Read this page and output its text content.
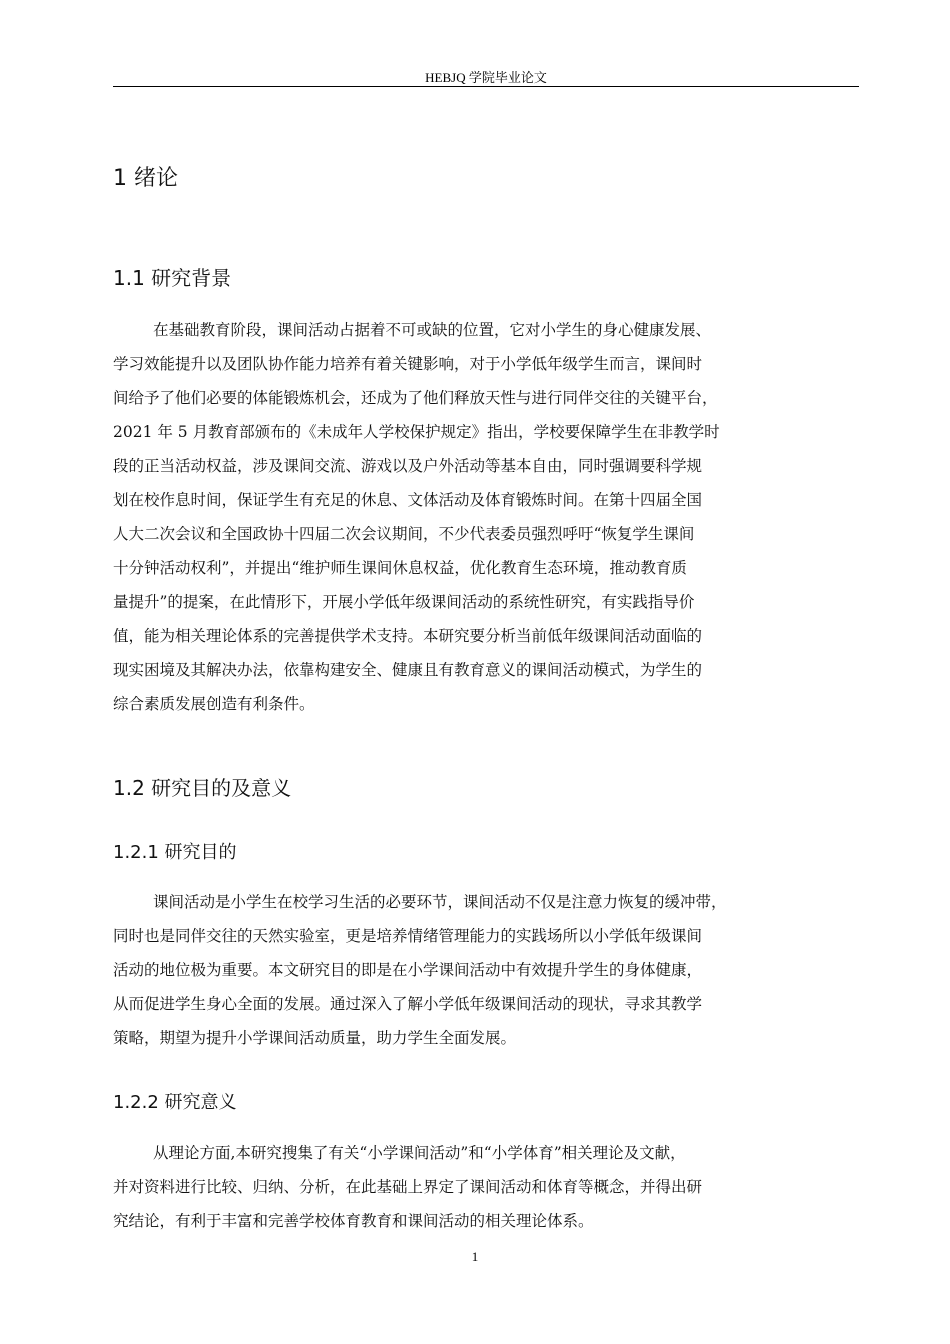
HEBJQ 学院毕业论文
1 绪论
1.1 研究背景
在基础教育阶段，课间活动占据着不可或缺的位置，它对小学生的身心健康发展、
学习效能提升以及团队协作能力培养有着关键影响，对于小学低年级学生而言，课间时
间给予了他们必要的体能锻炼机会，还成为了他们释放天性与进行同伴交往的关键平台，
2021 年 5 月教育部颁布的《未成年人学校保护规定》指出，学校要保障学生在非教学时
段的正当活动权益，涉及课间交流、游戏以及户外活动等基本自由，同时强调要科学规
划在校作息时间，保证学生有充足的休息、文体活动及体育锻炼时间。在第十四届全国
人大二次会议和全国政协十四届二次会议期间，不少代表委员强烈呼吁“恢复学生课间
十分钟活动权利”，并提出“维护师生课间休息权益，优化教育生态环境，推动教育质
量提升”的提案，在此情形下，开展小学低年级课间活动的系统性研究，有实践指导价
值，能为相关理论体系的完善提供学术支持。本研究要分析当前低年级课间活动面临的
现实困境及其解决办法，依靠构建安全、健康且有教育意义的课间活动模式，为学生的
综合素质发展创造有利条件。
1.2 研究目的及意义
1.2.1 研究目的
课间活动是小学生在校学习生活的必要环节，课间活动不仅是注意力恢复的缓冲带，
同时也是同伴交往的天然实验室，更是培养情绪管理能力的实践场所以小学低年级课间
活动的地位极为重要。本文研究目的即是在小学课间活动中有效提升学生的身体健康，
从而促进学生身心全面的发展。通过深入了解小学低年级课间活动的现状，寻求其教学
策略，期望为提升小学课间活动质量，助力学生全面发展。
1.2.2 研究意义
从理论方面,本研究搜集了有关“小学课间活动”和“小学体育”相关理论及文献，
并对资料进行比较、归纳、分析，在此基础上界定了课间活动和体育等概念，并得出研
究结论，有利于丰富和完善学校体育教育和课间活动的相关理论体系。
1
